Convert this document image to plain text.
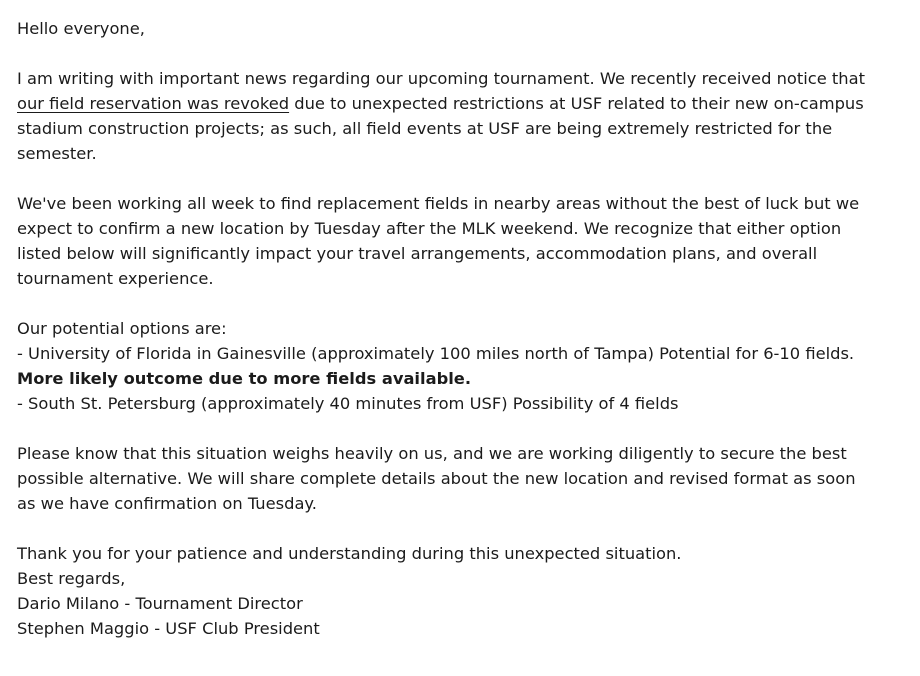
Hello everyone,
I am writing with important news regarding our upcoming tournament. We recently received notice that
our field reservation was revoked due to unexpected restrictions at USF related to their new on-campus
stadium construction projects; as such, all field events at USF are being extremely restricted for the
semester.
We've been working all week to find replacement fields in nearby areas without the best of luck but we
expect to confirm a new location by Tuesday after the MLK weekend. We recognize that either option
listed below will significantly impact your travel arrangements, accommodation plans, and overall
tournament experience.
Our potential options are:
- University of Florida in Gainesville (approximately 100 miles north of Tampa) Potential for 6-10 fields.
More likely outcome due to more fields available.
- South St. Petersburg (approximately 40 minutes from USF) Possibility of 4 fields
Please know that this situation weighs heavily on us, and we are working diligently to secure the best
possible alternative. We will share complete details about the new location and revised format as soon
as we have confirmation on Tuesday.
Thank you for your patience and understanding during this unexpected situation.
Best regards,
Dario Milano - Tournament Director
Stephen Maggio - USF Club President
